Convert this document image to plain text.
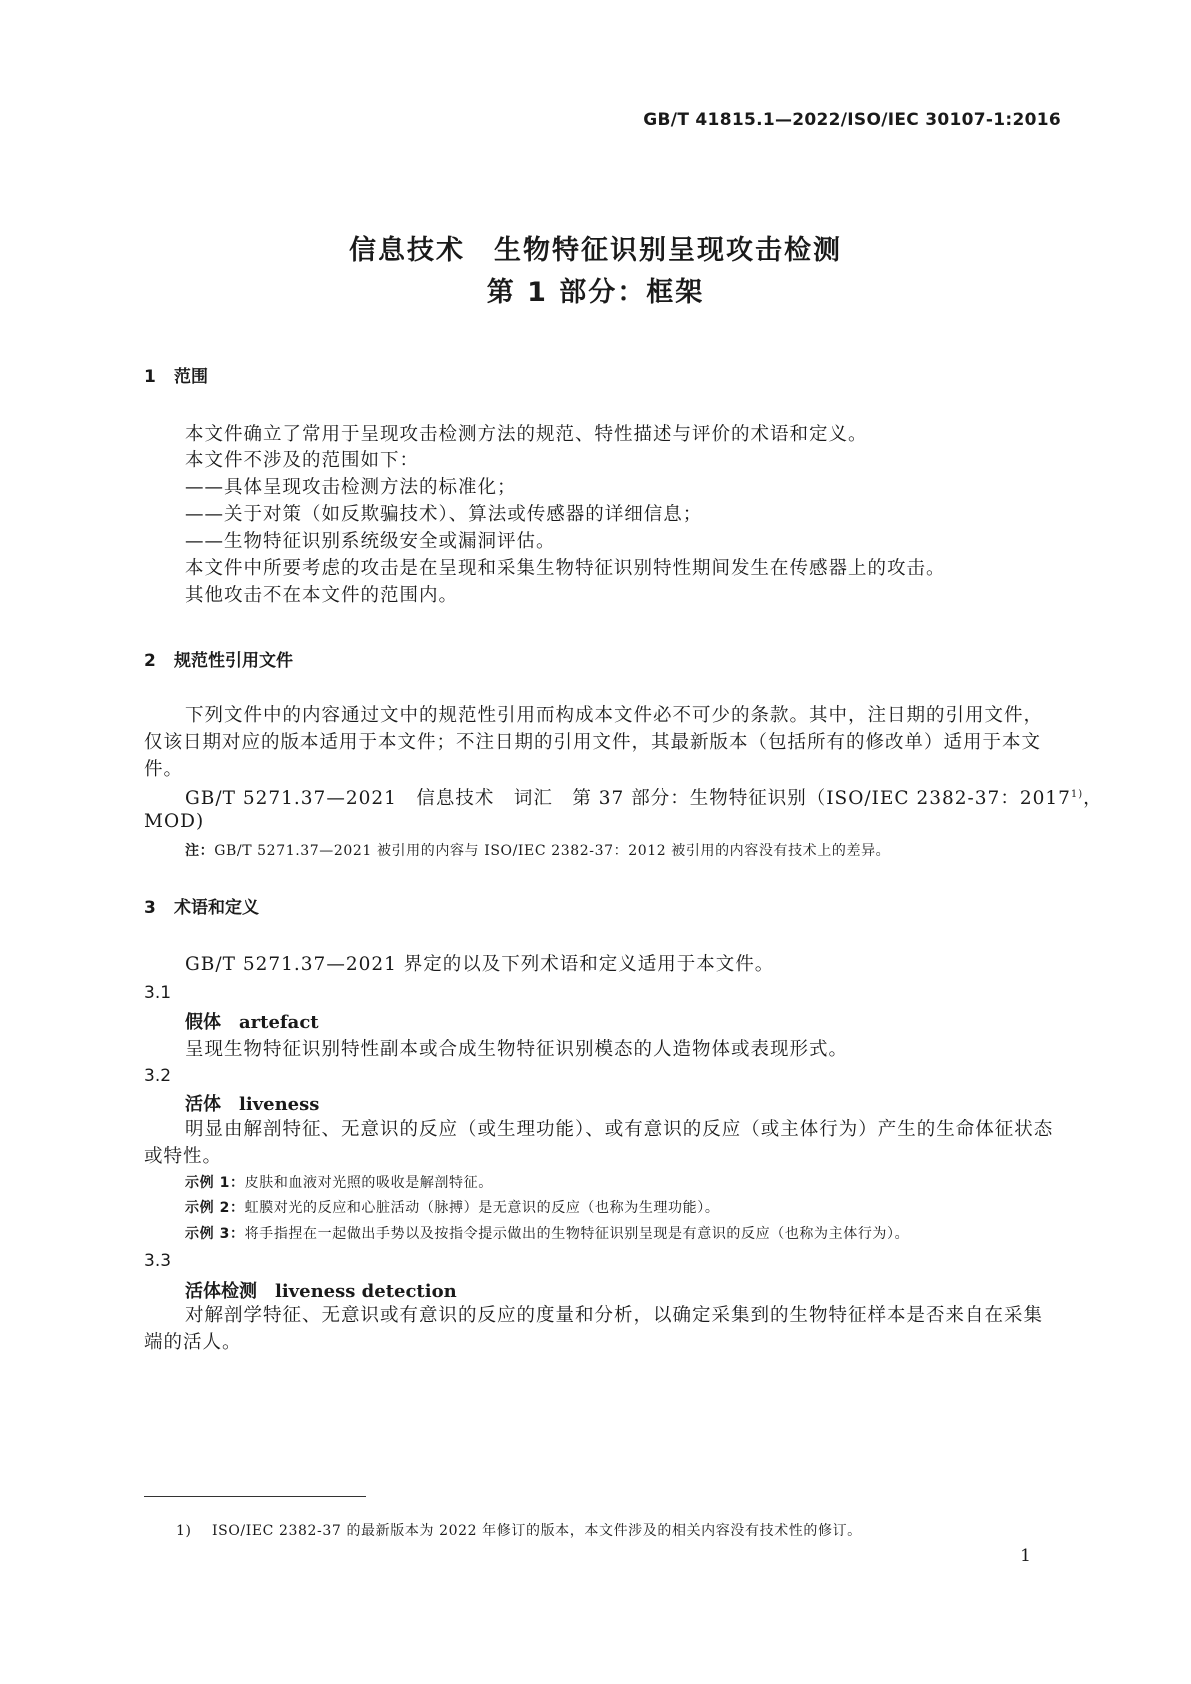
GB/T 41815.1—2022/ISO/IEC 30107-1:2016
信息技术　生物特征识别呈现攻击检测
第 1 部分：框架
1 范围
本文件确立了常用于呈现攻击检测方法的规范、特性描述与评价的术语和定义。
本文件不涉及的范围如下：
——具体呈现攻击检测方法的标准化；
——关于对策（如反欺骗技术）、算法或传感器的详细信息；
——生物特征识别系统级安全或漏洞评估。
本文件中所要考虑的攻击是在呈现和采集生物特征识别特性期间发生在传感器上的攻击。
其他攻击不在本文件的范围内。
2 规范性引用文件
下列文件中的内容通过文中的规范性引用而构成本文件必不可少的条款。其中，注日期的引用文件，仅该日期对应的版本适用于本文件；不注日期的引用文件，其最新版本（包括所有的修改单）适用于本文件。
GB/T 5271.37—2021　信息技术　词汇　第 37 部分：生物特征识别（ISO/IEC 2382-37：2017$^{1)}$，
MOD)
注：GB/T 5271.37—2021 被引用的内容与 ISO/IEC 2382-37：2012 被引用的内容没有技术上的差异。
3 术语和定义
GB/T 5271.37—2021 界定的以及下列术语和定义适用于本文件。
3.1
假体 artefact
呈现生物特征识别特性副本或合成生物特征识别模态的人造物体或表现形式。
3.2
活体 liveness
明显由解剖特征、无意识的反应（或生理功能）、或有意识的反应（或主体行为）产生的生命体征状态或特性。
示例 1：皮肤和血液对光照的吸收是解剖特征。
示例 2：虹膜对光的反应和心脏活动（脉搏）是无意识的反应（也称为生理功能）。
示例 3：将手指捏在一起做出手势以及按指令提示做出的生物特征识别呈现是有意识的反应（也称为主体行为）。
3.3
活体检测 liveness detection
对解剖学特征、无意识或有意识的反应的度量和分析，以确定采集到的生物特征样本是否来自在采集端的活人。
1) ISO/IEC 2382-37 的最新版本为 2022 年修订的版本，本文件涉及的相关内容没有技术性的修订。
1
